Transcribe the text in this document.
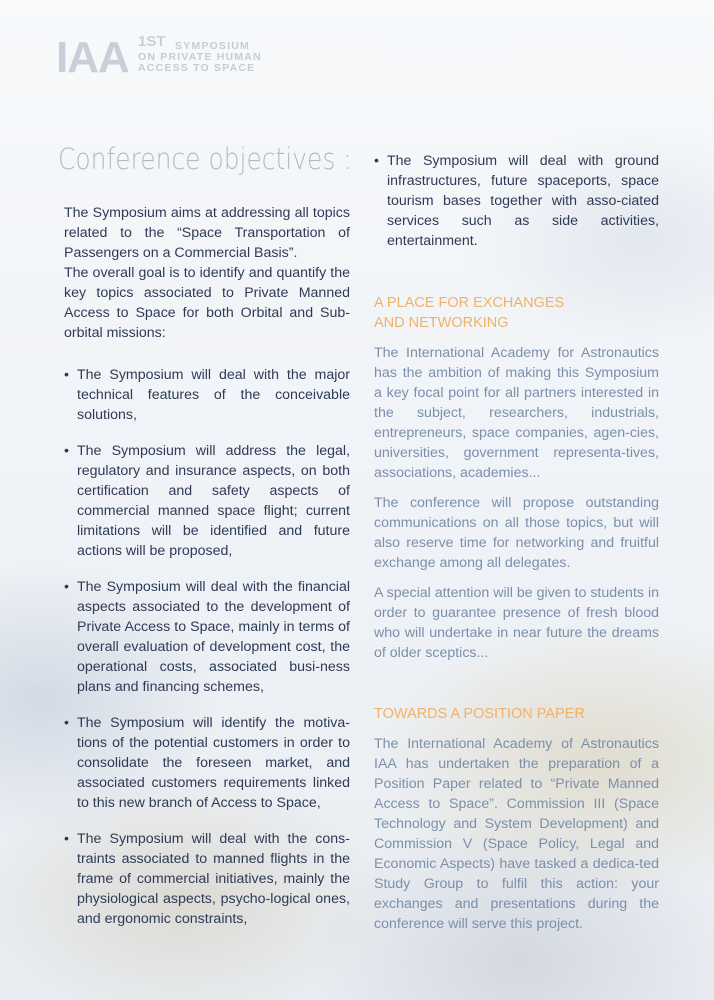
IAA 1ST SYMPOSIUM
ON PRIVATE HUMAN
ACCESS TO SPACE
Conference objectives :

The Symposium aims at addressing all topics related to the “Space Transportation of Passengers on a Commercial Basis”.

The overall goal is to identify and quantify the key topics associated to Private Manned Access to Space for both Orbital and Sub-orbital missions:

• The Symposium will deal with the major technical features of the conceivable solutions,
• The Symposium will address the legal, regulatory and insurance aspects, on both certification and safety aspects of commercial manned space flight; current limitations will be identified and future actions will be proposed,
• The Symposium will deal with the financial aspects associated to the development of Private Access to Space, mainly in terms of overall evaluation of development cost, the operational costs, associated busi-ness plans and financing schemes,
• The Symposium will identify the motiva-tions of the potential customers in order to consolidate the foreseen market, and associated customers requirements linked to this new branch of Access to Space,
• The Symposium will deal with the cons-traints associated to manned flights in the frame of commercial initiatives, mainly the physiological aspects, psycho-logical ones, and ergonomic constraints,
• The Symposium will deal with ground infrastructures, future spaceports, space tourism bases together with asso-ciated services such as side activities, entertainment.
A PLACE FOR EXCHANGES
AND NETWORKING

The International Academy for Astronautics has the ambition of making this Symposium a key focal point for all partners interested in the subject, researchers, industrials, entrepreneurs, space companies, agen-cies, universities, government representa-tives, associations, academies...

The conference will propose outstanding communications on all those topics, but will also reserve time for networking and fruitful exchange among all delegates.

A special attention will be given to students in order to guarantee presence of fresh blood who will undertake in near future the dreams of older sceptics...

TOWARDS A POSITION PAPER

The International Academy of Astronautics IAA has undertaken the preparation of a Position Paper related to “Private Manned Access to Space”. Commission III (Space Technology and System Development) and Commission V (Space Policy, Legal and Economic Aspects) have tasked a dedica-ted Study Group to fulfil this action: your exchanges and presentations during the conference will serve this project.
